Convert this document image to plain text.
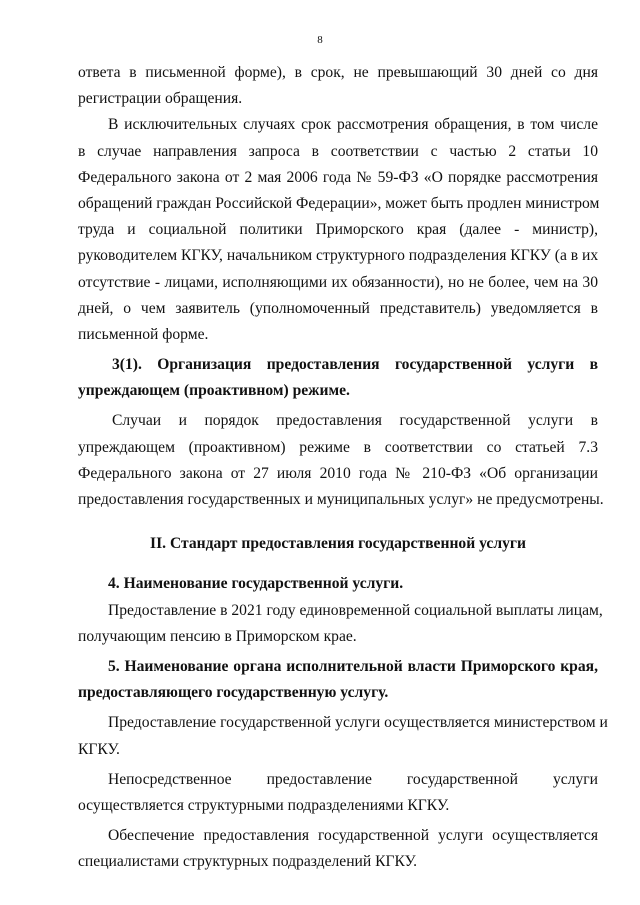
8
ответа в письменной форме), в срок, не превышающий 30 дней со дня
регистрации обращения.
В исключительных случаях срок рассмотрения обращения, в том числе
в случае направления запроса в соответствии с частью 2 статьи 10
Федерального закона от 2 мая 2006 года № 59-ФЗ «О порядке рассмотрения
обращений граждан Российской Федерации», может быть продлен министром
труда и социальной политики Приморского края (далее - министр),
руководителем КГКУ, начальником структурного подразделения КГКУ (а в их
отсутствие - лицами, исполняющими их обязанности), но не более, чем на 30
дней, о чем заявитель (уполномоченный представитель) уведомляется в
письменной форме.
3(1). Организация предоставления государственной услуги в
упреждающем (проактивном) режиме.
Случаи и порядок предоставления государственной услуги в
упреждающем (проактивном) режиме в соответствии со статьей 7.3
Федерального закона от 27 июля 2010 года № 210-ФЗ «Об организации
предоставления государственных и муниципальных услуг» не предусмотрены.
II. Стандарт предоставления государственной услуги
4. Наименование государственной услуги.
Предоставление в 2021 году единовременной социальной выплаты лицам,
получающим пенсию в Приморском крае.
5. Наименование органа исполнительной власти Приморского края,
предоставляющего государственную услугу.
Предоставление государственной услуги осуществляется министерством и
КГКУ.
Непосредственное предоставление государственной услуги
осуществляется структурными подразделениями КГКУ.
Обеспечение предоставления государственной услуги осуществляется
специалистами структурных подразделений КГКУ.
